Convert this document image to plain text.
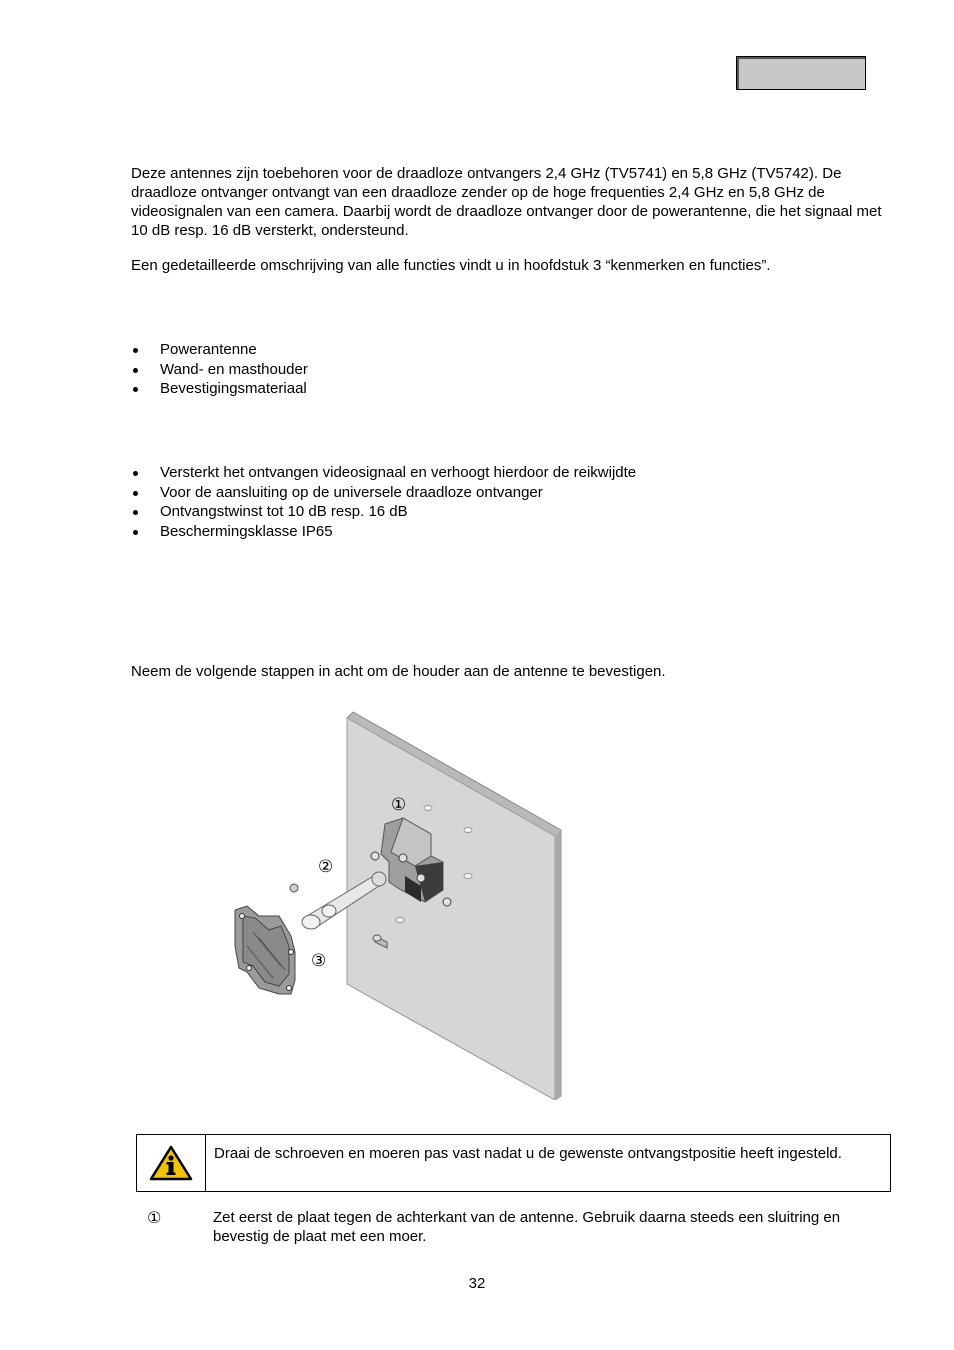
Deze antennes zijn toebehoren voor de draadloze ontvangers 2,4 GHz (TV5741) en 5,8 GHz (TV5742). De draadloze ontvanger ontvangt van een draadloze zender op de hoge frequenties 2,4 GHz en 5,8 GHz de videosignalen van een camera. Daarbij wordt de draadloze ontvanger door de powerantenne, die het signaal met 10 dB resp. 16 dB versterkt, ondersteund.

Een gedetailleerde omschrijving van alle functies vindt u in hoofdstuk 3 “kenmerken en functies”.

Powerantenne
Wand- en masthouder
Bevestigingsmateriaal
Versterkt het ontvangen videosignaal en verhoogt hierdoor de reikwijdte
Voor de aansluiting op de universele draadloze ontvanger
Ontvangstwinst tot 10 dB resp. 16 dB
Beschermingsklasse IP65

Neem de volgende stappen in acht om de houder aan de antenne te bevestigen.

①
②
③
Draai de schroeven en moeren pas vast nadat u de gewenste ontvangstpositie heeft ingesteld.
①	Zet eerst de plaat tegen de achterkant van de antenne. Gebruik daarna steeds een sluitring en bevestig de plaat met een moer.
32
